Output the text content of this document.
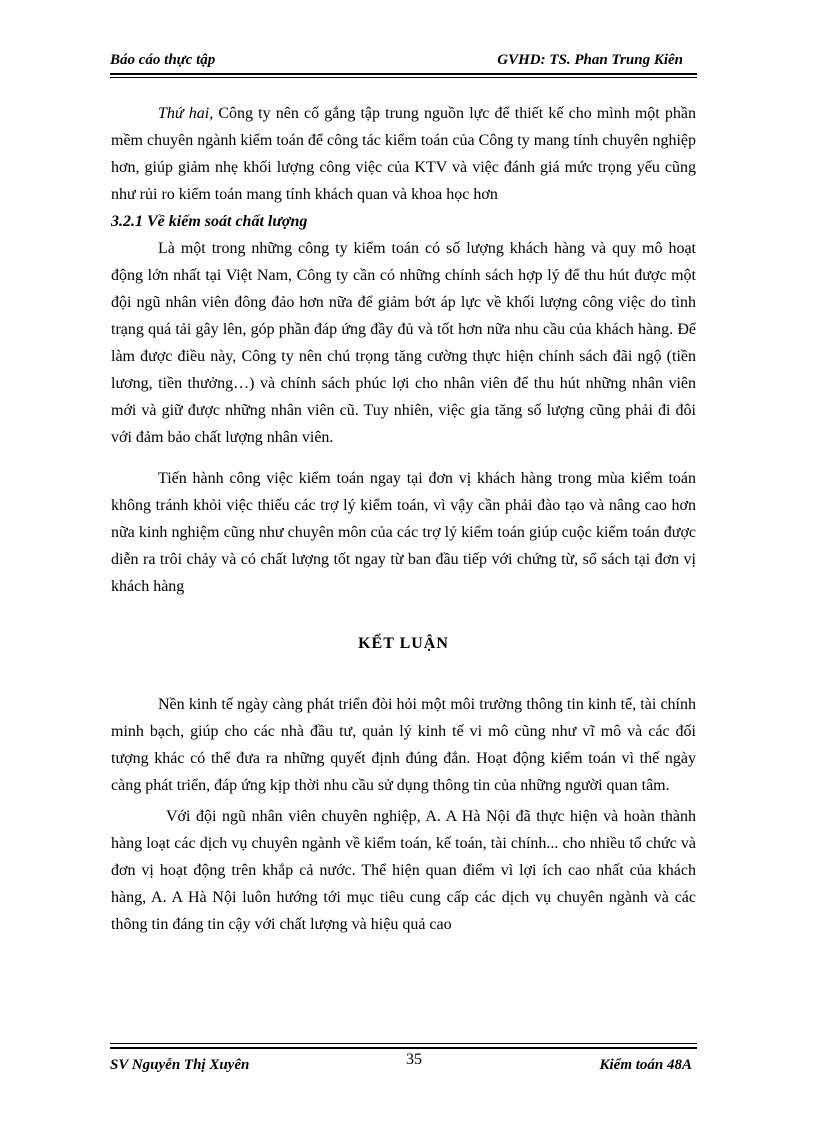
Báo cáo thực tập	GVHD: TS. Phan Trung Kiên

Thứ hai, Công ty nên cố gắng tập trung nguồn lực để thiết kế cho mình một phần mềm chuyên ngành kiểm toán để công tác kiểm toán của Công ty mang tính chuyên nghiệp hơn, giúp giảm nhẹ khối lượng công việc của KTV và việc đánh giá mức trọng yếu cũng như rủi ro kiểm toán mang tính khách quan và khoa học hơn

3.2.1 Về kiểm soát chất lượng

Là một trong những công ty kiểm toán có số lượng khách hàng và quy mô hoạt động lớn nhất tại Việt Nam, Công ty cần có những chính sách hợp lý để thu hút được một đội ngũ nhân viên đông đảo hơn nữa để giảm bớt áp lực về khối lượng công việc do tình trạng quá tải gây lên, góp phần đáp ứng đầy đủ và tốt hơn nữa nhu cầu của khách hàng. Để làm được điều này, Công ty nên chú trọng tăng cường thực hiện chính sách đãi ngộ (tiền lương, tiền thưởng…) và chính sách phúc lợi cho nhân viên để thu hút những nhân viên mới và giữ được những nhân viên cũ. Tuy nhiên, việc gia tăng số lượng cũng phải đi đôi với đảm bảo chất lượng nhân viên.

Tiến hành công việc kiểm toán ngay tại đơn vị khách hàng trong mùa kiểm toán không tránh khỏi việc thiếu các trợ lý kiểm toán, vì vậy cần phải đào tạo và nâng cao hơn nữa kinh nghiệm cũng như chuyên môn của các trợ lý kiểm toán giúp cuộc kiểm toán được diễn ra trôi chảy và có chất lượng tốt ngay từ ban đầu tiếp với chứng từ, sổ sách tại đơn vị khách hàng

KẾT LUẬN

Nền kinh tế ngày càng phát triển đòi hỏi một môi trường thông tin kinh tế, tài chính minh bạch, giúp cho các nhà đầu tư, quản lý kinh tế vi mô cũng như vĩ mô và các đối tượng khác có thể đưa ra những quyết định đúng đắn. Hoạt động kiểm toán vì thế ngày càng phát triển, đáp ứng kịp thời nhu cầu sử dụng thông tin của những người quan tâm.

Với đội ngũ nhân viên chuyên nghiệp, A. A Hà Nội đã thực hiện và hoàn thành hàng loạt các dịch vụ chuyên ngành về kiểm toán, kế toán, tài chính... cho nhiều tổ chức và đơn vị hoạt động trên khắp cả nước. Thể hiện quan điểm vì lợi ích cao nhất của khách hàng, A. A Hà Nội luôn hướng tới mục tiêu cung cấp các dịch vụ chuyên ngành và các thông tin đáng tin cậy với chất lượng và hiệu quả cao

SV Nguyễn Thị Xuyên	35	Kiểm toán 48A
